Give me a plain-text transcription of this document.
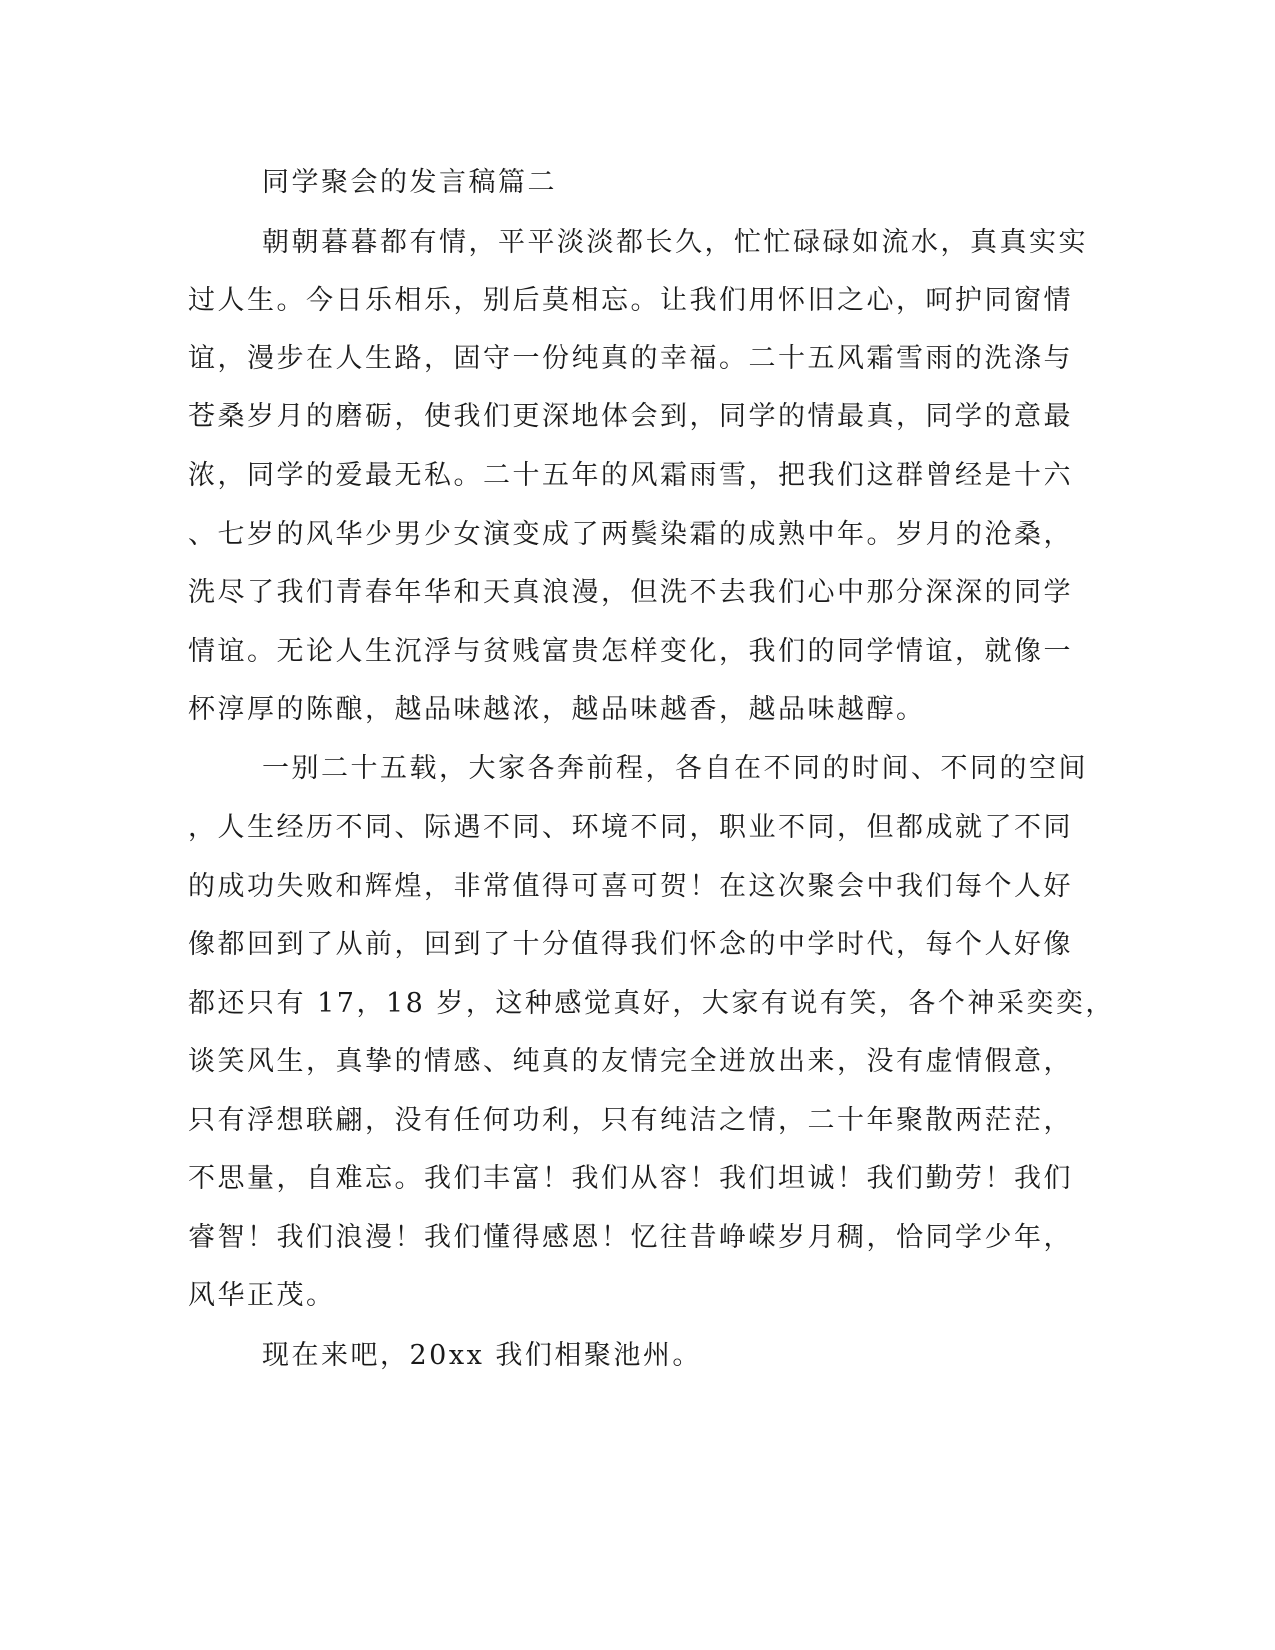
同学聚会的发言稿篇二
朝朝暮暮都有情，平平淡淡都长久，忙忙碌碌如流水，真真实实
过人生。今日乐相乐，别后莫相忘。让我们用怀旧之心，呵护同窗情
谊，漫步在人生路，固守一份纯真的幸福。二十五风霜雪雨的洗涤与
苍桑岁月的磨砺，使我们更深地体会到，同学的情最真，同学的意最
浓，同学的爱最无私。二十五年的风霜雨雪，把我们这群曾经是十六
、七岁的风华少男少女演变成了两鬓染霜的成熟中年。岁月的沧桑，
洗尽了我们青春年华和天真浪漫，但洗不去我们心中那分深深的同学
情谊。无论人生沉浮与贫贱富贵怎样变化，我们的同学情谊，就像一
杯淳厚的陈酿，越品味越浓，越品味越香，越品味越醇。
一别二十五载，大家各奔前程，各自在不同的时间、不同的空间
，人生经历不同、际遇不同、环境不同，职业不同，但都成就了不同
的成功失败和辉煌，非常值得可喜可贺！在这次聚会中我们每个人好
像都回到了从前，回到了十分值得我们怀念的中学时代，每个人好像
都还只有 17，18 岁，这种感觉真好，大家有说有笑，各个神采奕奕，
谈笑风生，真挚的情感、纯真的友情完全迸放出来，没有虚情假意，
只有浮想联翩，没有任何功利，只有纯洁之情，二十年聚散两茫茫，
不思量，自难忘。我们丰富！我们从容！我们坦诚！我们勤劳！我们
睿智！我们浪漫！我们懂得感恩！忆往昔峥嵘岁月稠，恰同学少年，
风华正茂。
现在来吧，20xx 我们相聚池州。
